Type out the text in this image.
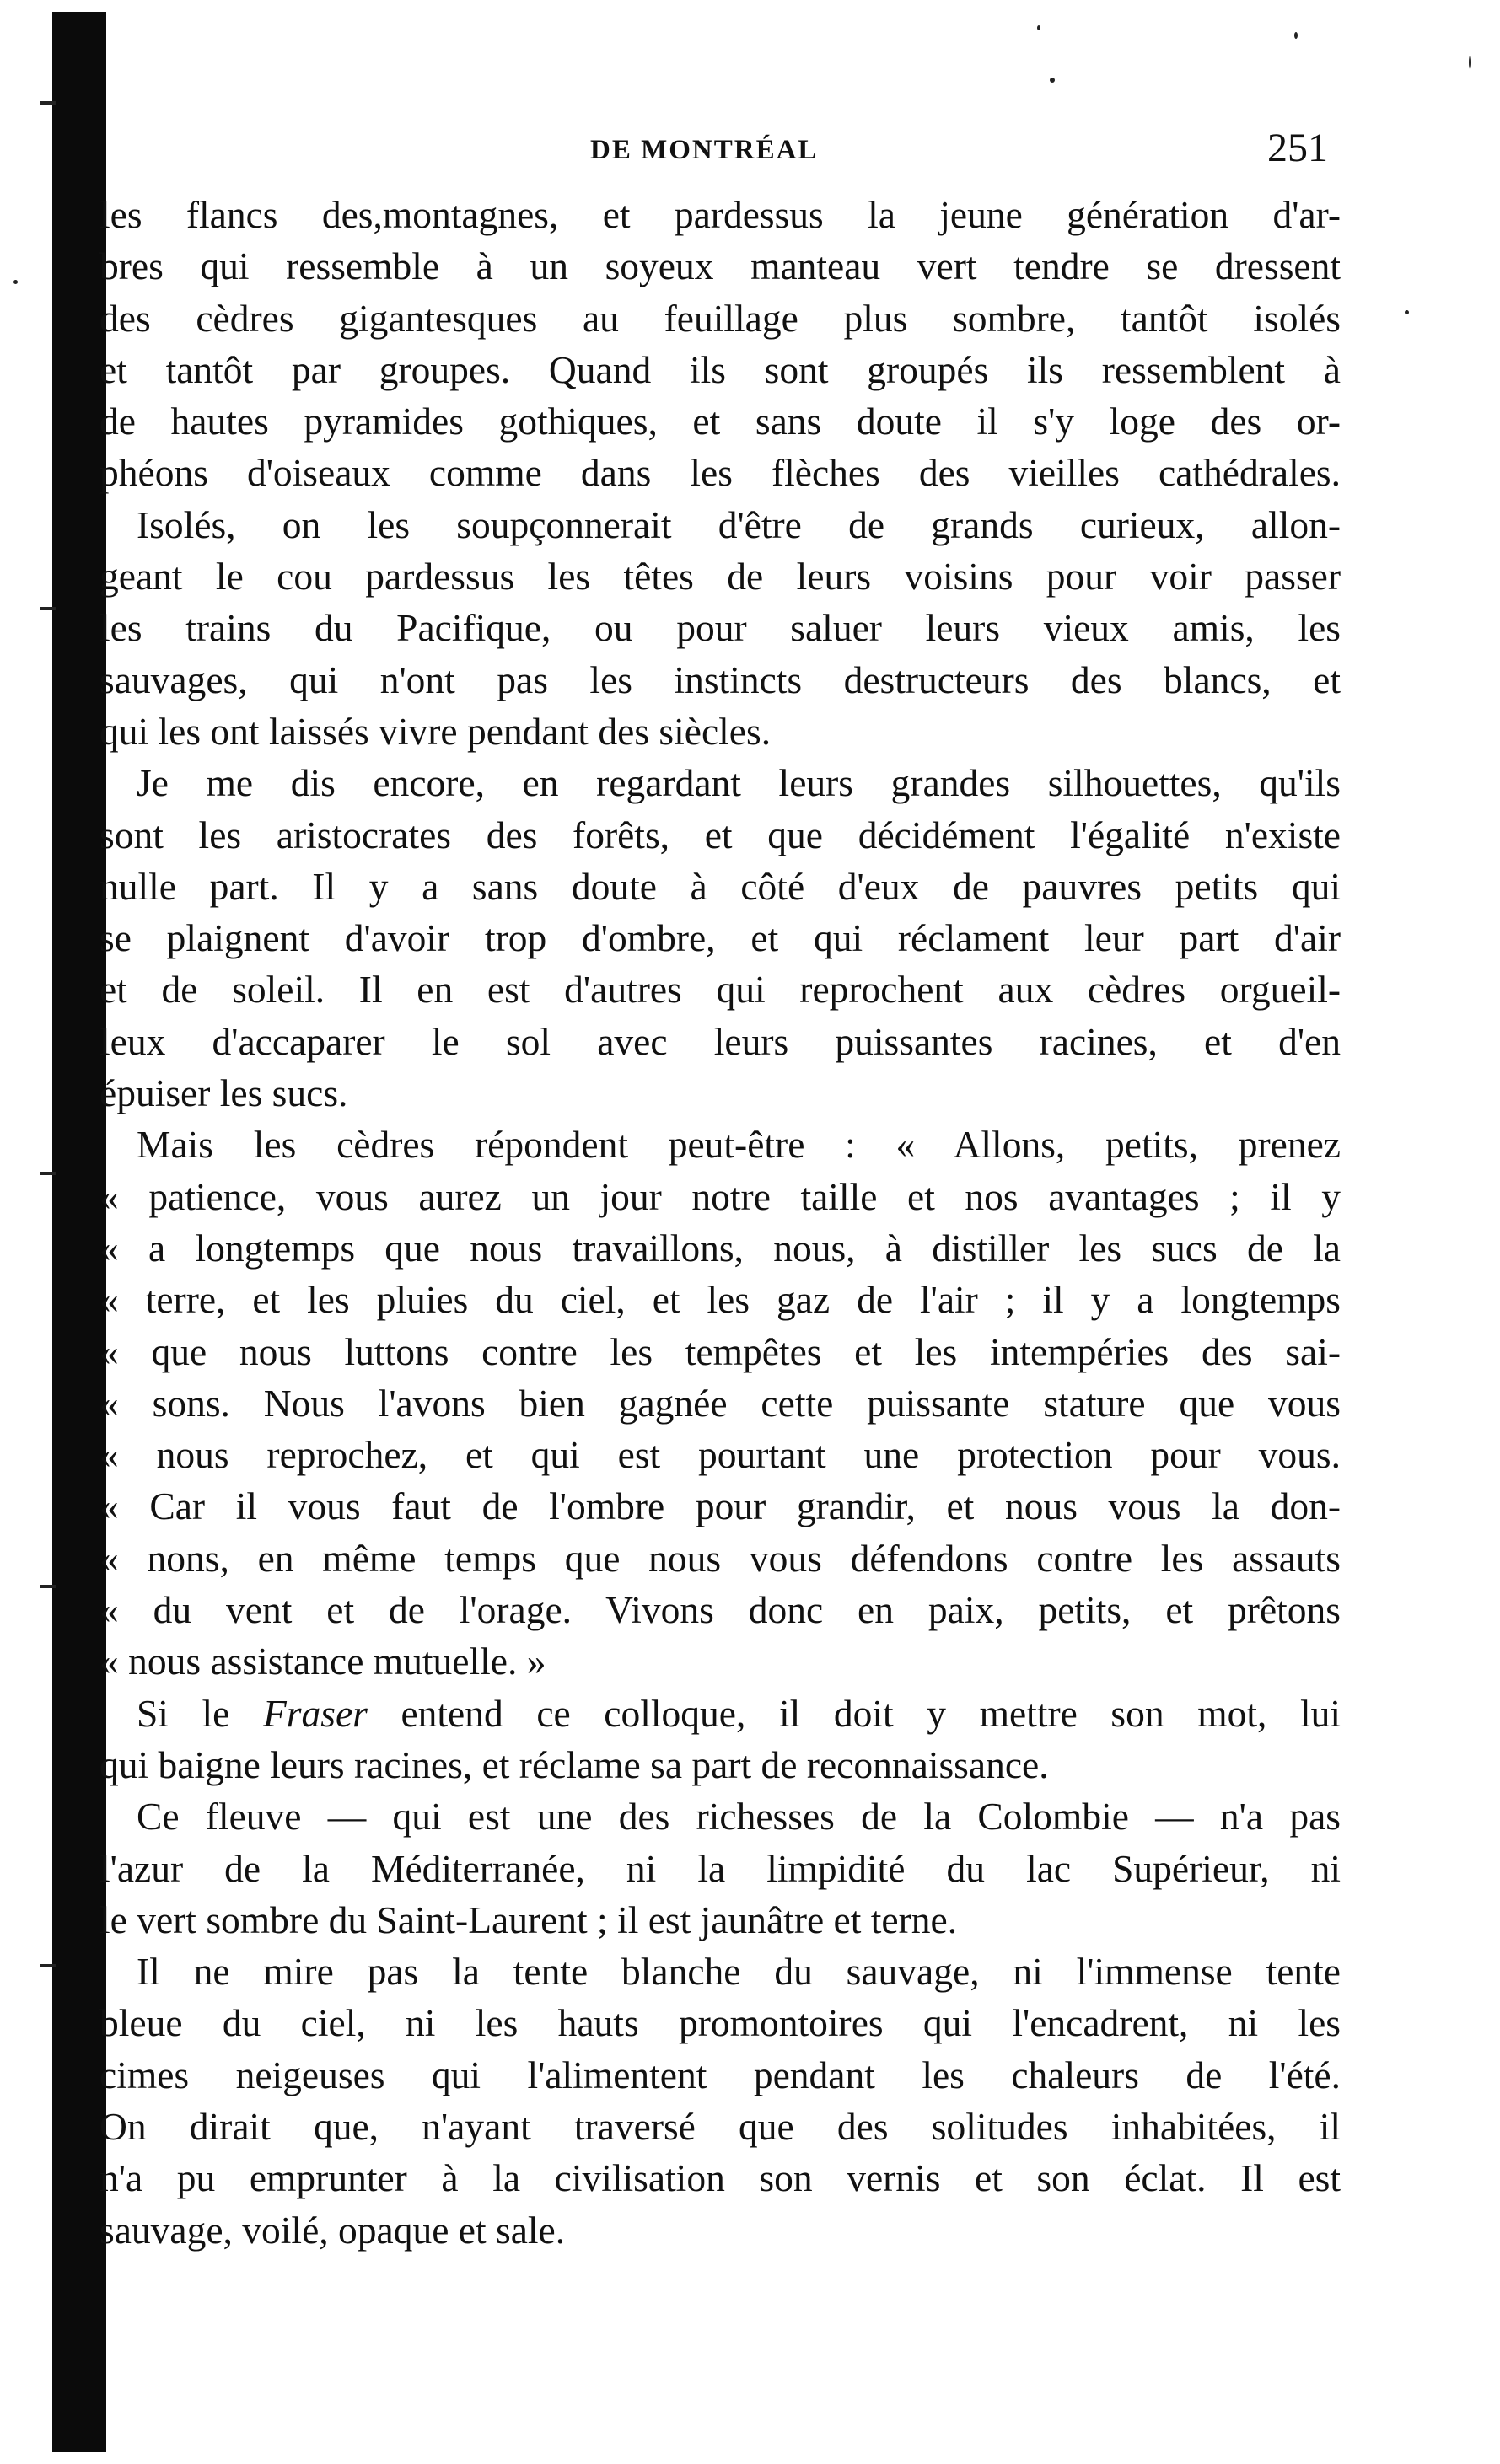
DE MONTRÉAL	251
les flancs des,montagnes, et pardessus la jeune génération d'ar-
bres qui ressemble à un soyeux manteau vert tendre se dressent
des cèdres gigantesques au feuillage plus sombre, tantôt isolés
et tantôt par groupes. Quand ils sont groupés ils ressemblent à
de hautes pyramides gothiques, et sans doute il s'y loge des or-
phéons d'oiseaux comme dans les flèches des vieilles cathédrales.
Isolés, on les soupçonnerait d'être de grands curieux, allon-
geant le cou pardessus les têtes de leurs voisins pour voir passer
les trains du Pacifique, ou pour saluer leurs vieux amis, les
sauvages, qui n'ont pas les instincts destructeurs des blancs, et
qui les ont laissés vivre pendant des siècles.
Je me dis encore, en regardant leurs grandes silhouettes, qu'ils
sont les aristocrates des forêts, et que décidément l'égalité n'existe
nulle part. Il y a sans doute à côté d'eux de pauvres petits qui
se plaignent d'avoir trop d'ombre, et qui réclament leur part d'air
et de soleil. Il en est d'autres qui reprochent aux cèdres orgueil-
leux d'accaparer le sol avec leurs puissantes racines, et d'en
épuiser les sucs.
Mais les cèdres répondent peut-être : « Allons, petits, prenez
« patience, vous aurez un jour notre taille et nos avantages ; il y
« a longtemps que nous travaillons, nous, à distiller les sucs de la
« terre, et les pluies du ciel, et les gaz de l'air ; il y a longtemps
« que nous luttons contre les tempêtes et les intempéries des sai-
« sons. Nous l'avons bien gagnée cette puissante stature que vous
« nous reprochez, et qui est pourtant une protection pour vous.
« Car il vous faut de l'ombre pour grandir, et nous vous la don-
« nons, en même temps que nous vous défendons contre les assauts
« du vent et de l'orage. Vivons donc en paix, petits, et prêtons
« nous assistance mutuelle. »
Si le Fraser entend ce colloque, il doit y mettre son mot, lui
qui baigne leurs racines, et réclame sa part de reconnaissance.
Ce fleuve — qui est une des richesses de la Colombie — n'a pas
l'azur de la Méditerranée, ni la limpidité du lac Supérieur, ni
le vert sombre du Saint-Laurent ; il est jaunâtre et terne.
Il ne mire pas la tente blanche du sauvage, ni l'immense tente
bleue du ciel, ni les hauts promontoires qui l'encadrent, ni les
cimes neigeuses qui l'alimentent pendant les chaleurs de l'été.
On dirait que, n'ayant traversé que des solitudes inhabitées, il
n'a pu emprunter à la civilisation son vernis et son éclat. Il est
sauvage, voilé, opaque et sale.
